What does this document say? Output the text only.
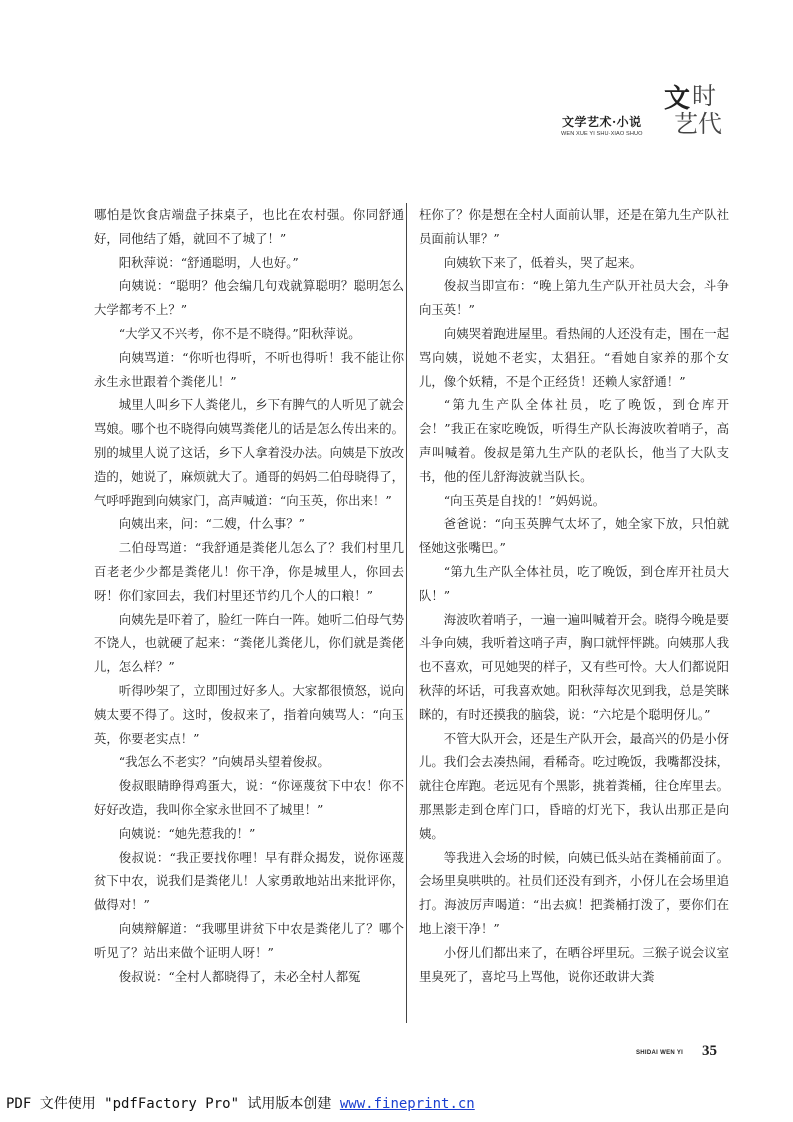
文学艺术·小说
WEN XUE YI SHU·XIAO SHUO
文 时
艺 代

哪怕是饮食店端盘子抹桌子，也比在农村强。你同舒通好，同他结了婚，就回不了城了！”

阳秋萍说：“舒通聪明，人也好。”

向姨说：“聪明？他会编几句戏就算聪明？聪明怎么大学都考不上？”

“大学又不兴考，你不是不晓得。”阳秋萍说。

向姨骂道：“你听也得听，不听也得听！我不能让你永生永世跟着个粪佬儿！”

城里人叫乡下人粪佬儿，乡下有脾气的人听见了就会骂娘。哪个也不晓得向姨骂粪佬儿的话是怎么传出来的。别的城里人说了这话，乡下人拿着没办法。向姨是下放改造的，她说了，麻烦就大了。通哥的妈妈二伯母晓得了，气呼呼跑到向姨家门，高声喊道：“向玉英，你出来！”

向姨出来，问：“二嫂，什么事？”

二伯母骂道：“我舒通是粪佬儿怎么了？我们村里几百老老少少都是粪佬儿！你干净，你是城里人，你回去呀！你们家回去，我们村里还节约几个人的口粮！”

向姨先是吓着了，脸红一阵白一阵。她听二伯母气势不饶人，也就硬了起来：“粪佬儿粪佬儿，你们就是粪佬儿，怎么样？”

听得吵架了，立即围过好多人。大家都很愤怒，说向姨太要不得了。这时，俊叔来了，指着向姨骂人：“向玉英，你要老实点！”

“我怎么不老实？”向姨昂头望着俊叔。

俊叔眼睛睁得鸡蛋大，说：“你诬蔑贫下中农！你不好好改造，我叫你全家永世回不了城里！”

向姨说：“她先惹我的！”

俊叔说：“我正要找你哩！早有群众揭发，说你诬蔑贫下中农，说我们是粪佬儿！人家勇敢地站出来批评你，做得对！”

向姨辩解道：“我哪里讲贫下中农是粪佬儿了？哪个听见了？站出来做个证明人呀！”

俊叔说：“全村人都晓得了，未必全村人都冤

枉你了？你是想在全村人面前认罪，还是在第九生产队社员面前认罪？”

向姨软下来了，低着头，哭了起来。

俊叔当即宣布：“晚上第九生产队开社员大会，斗争向玉英！”

向姨哭着跑进屋里。看热闹的人还没有走，围在一起骂向姨，说她不老实，太猖狂。“看她自家养的那个女儿，像个妖精，不是个正经货！还赖人家舒通！”

“第九生产队全体社员，吃了晚饭，到仓库开会！”我正在家吃晚饭，听得生产队长海波吹着哨子，高声叫喊着。俊叔是第九生产队的老队长，他当了大队支书，他的侄儿舒海波就当队长。

“向玉英是自找的！”妈妈说。

爸爸说：“向玉英脾气太坏了，她全家下放，只怕就怪她这张嘴巴。”

“第九生产队全体社员，吃了晚饭，到仓库开社员大队！”

海波吹着哨子，一遍一遍叫喊着开会。晓得今晚是要斗争向姨，我听着这哨子声，胸口就怦怦跳。向姨那人我也不喜欢，可见她哭的样子，又有些可怜。大人们都说阳秋萍的坏话，可我喜欢她。阳秋萍每次见到我，总是笑眯眯的，有时还摸我的脑袋，说：“六坨是个聪明伢儿。”

不管大队开会，还是生产队开会，最高兴的仍是小伢儿。我们会去凑热闹，看稀奇。吃过晚饭，我嘴都没抹，就往仓库跑。老远见有个黑影，挑着粪桶，往仓库里去。那黑影走到仓库门口，昏暗的灯光下，我认出那正是向姨。

等我进入会场的时候，向姨已低头站在粪桶前面了。会场里臭哄哄的。社员们还没有到齐，小伢儿在会场里追打。海波厉声喝道：“出去疯！把粪桶打泼了，要你们在地上滚干净！”

小伢儿们都出来了，在晒谷坪里玩。三猴子说会议室里臭死了，喜坨马上骂他，说你还敢讲大粪

SHIDAI WEN YI 35
PDF 文件使用 "pdfFactory Pro" 试用版本创建 www.fineprint.cn
